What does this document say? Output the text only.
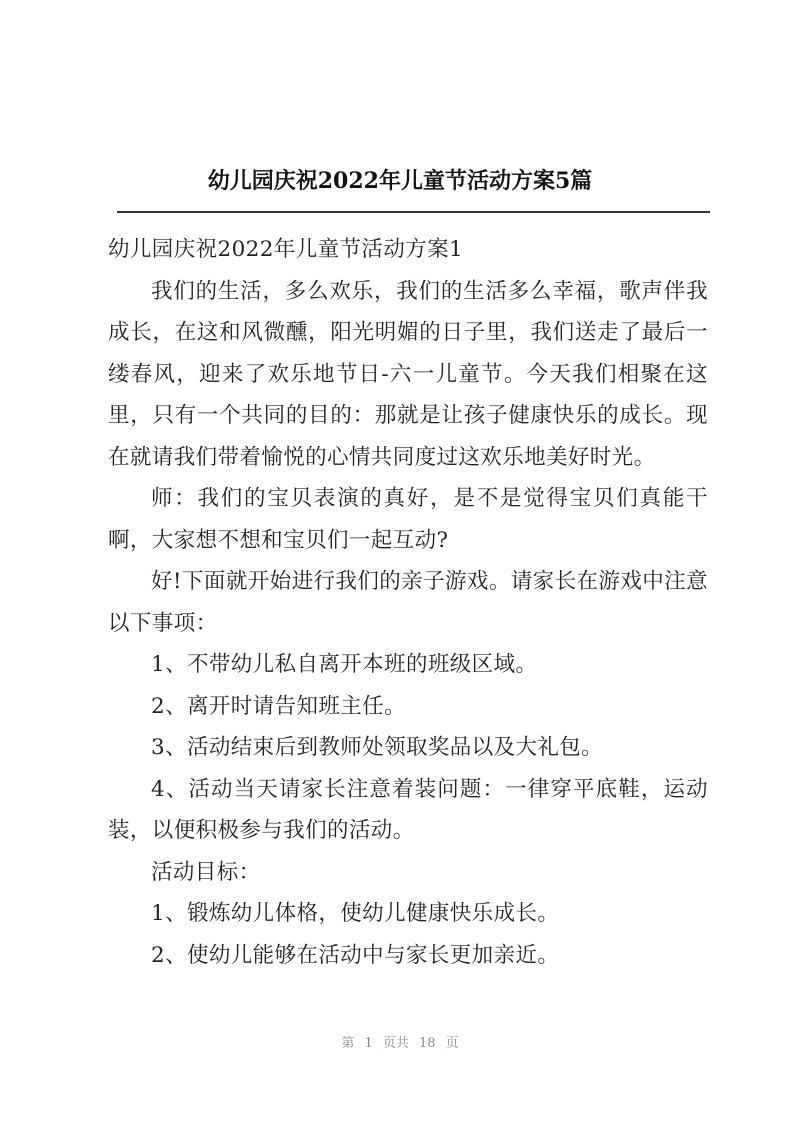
幼儿园庆祝2022年儿童节活动方案5篇

幼儿园庆祝2022年儿童节活动方案1

我们的生活，多么欢乐，我们的生活多么幸福，歌声伴我成长，在这和风微醺，阳光明媚的日子里，我们送走了最后一缕春风，迎来了欢乐地节日-六一儿童节。今天我们相聚在这里，只有一个共同的目的：那就是让孩子健康快乐的成长。现在就请我们带着愉悦的心情共同度过这欢乐地美好时光。

师：我们的宝贝表演的真好，是不是觉得宝贝们真能干啊，大家想不想和宝贝们一起互动?

好!下面就开始进行我们的亲子游戏。请家长在游戏中注意以下事项：

1、不带幼儿私自离开本班的班级区域。

2、离开时请告知班主任。

3、活动结束后到教师处领取奖品以及大礼包。

4、活动当天请家长注意着装问题：一律穿平底鞋，运动装，以便积极参与我们的活动。

活动目标：

1、锻炼幼儿体格，使幼儿健康快乐成长。

2、使幼儿能够在活动中与家长更加亲近。

第 1 页共 18 页
